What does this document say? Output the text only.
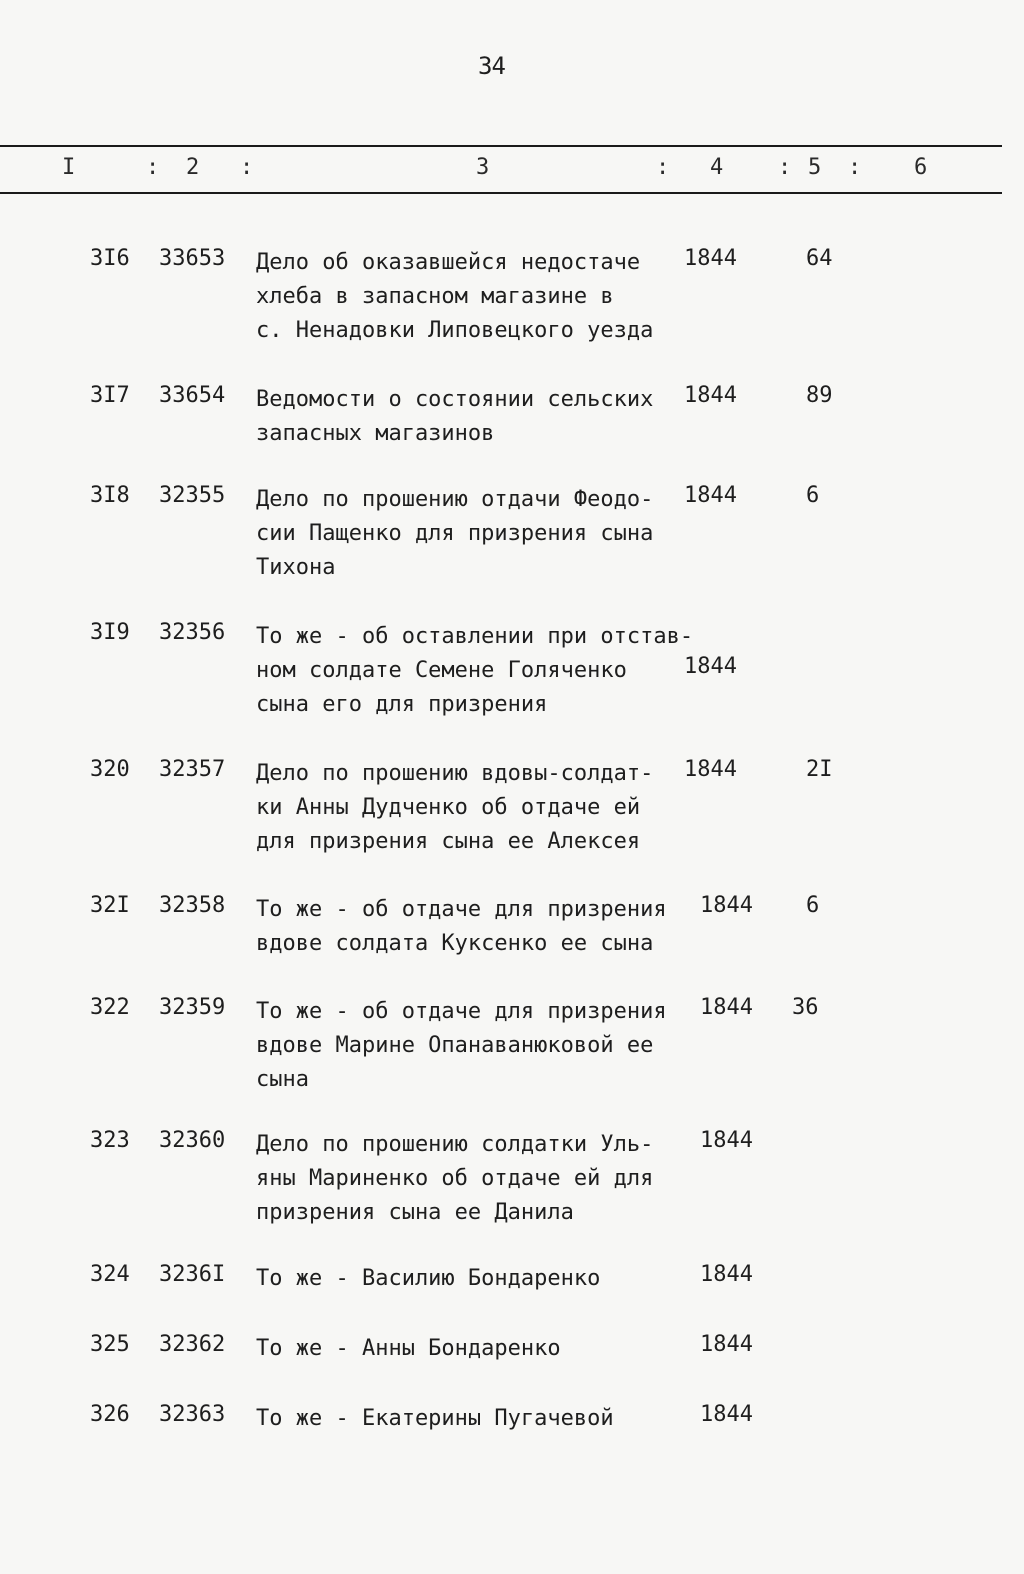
34
I	: 2 :	3	: 4 : 5 : 6
3I6 33653 Дело об оказавшейся недостаче
хлеба в запасном магазине в
с. Ненадовки Липовецкого уезда
1844	64
3I7 33654 Ведомости о состоянии сельских
запасных магазинов
1844	89
3I8 32355 Дело по прошению отдачи Феодо-
сии Пащенко для призрения сына
Тихона
1844	6
3I9 32356 То же - об оставлении при отстав-
ном солдате Семене Голяченко
сына его для призрения
1844
320 32357 Дело по прошению вдовы-солдат-
ки Анны Дудченко об отдаче ей
для призрения сына ее Алексея
1844	2I
32I 32358 То же - об отдаче для призрения
вдове солдата Куксенко ее сына
1844 6
322 32359 То же - об отдаче для призрения
вдове Марине Опанаванюковой ее
сына
1844 36
323 32360 Дело по прошению солдатки Уль-
яны Мариненко об отдаче ей для
призрения сына ее Данила
1844
324 3236I То же - Василию Бондаренко	1844
325 32362 То же - Анны Бондаренко	1844
326 32363 То же - Екатерины Пугачевой	1844
